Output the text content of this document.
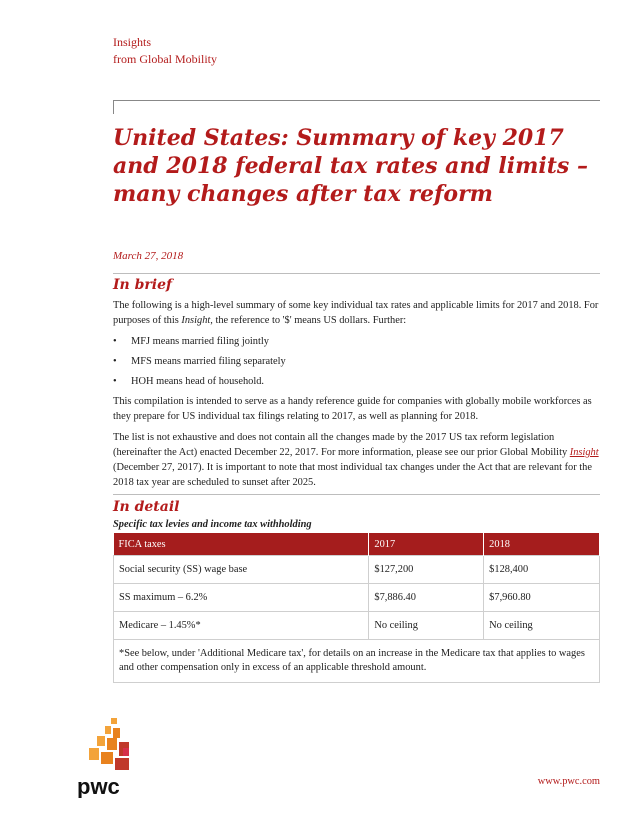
Insights
from Global Mobility
United States: Summary of key 2017 and 2018 federal tax rates and limits – many changes after tax reform
March 27, 2018
In brief

The following is a high-level summary of some key individual tax rates and applicable limits for 2017 and 2018. For purposes of this Insight, the reference to '$' means US dollars. Further:

• MFJ means married filing jointly
• MFS means married filing separately
• HOH means head of household.

This compilation is intended to serve as a handy reference guide for companies with globally mobile workforces as they prepare for US individual tax filings relating to 2017, as well as planning for 2018.

The list is not exhaustive and does not contain all the changes made by the 2017 US tax reform legislation (hereinafter the Act) enacted December 22, 2017. For more information, please see our prior Global Mobility Insight (December 27, 2017). It is important to note that most individual tax changes under the Act that are relevant for the 2018 tax year are scheduled to sunset after 2025.

In detail
Specific tax levies and income tax withholding
FICA taxes	2017	2018
Social security (SS) wage base	$127,200	$128,400
SS maximum – 6.2%	$7,886.40	$7,960.80
Medicare – 1.45%*	No ceiling	No ceiling
*See below, under 'Additional Medicare tax', for details on an increase in the Medicare tax that applies to wages and other compensation only in excess of an applicable threshold amount.		
pwc	www.pwc.com
